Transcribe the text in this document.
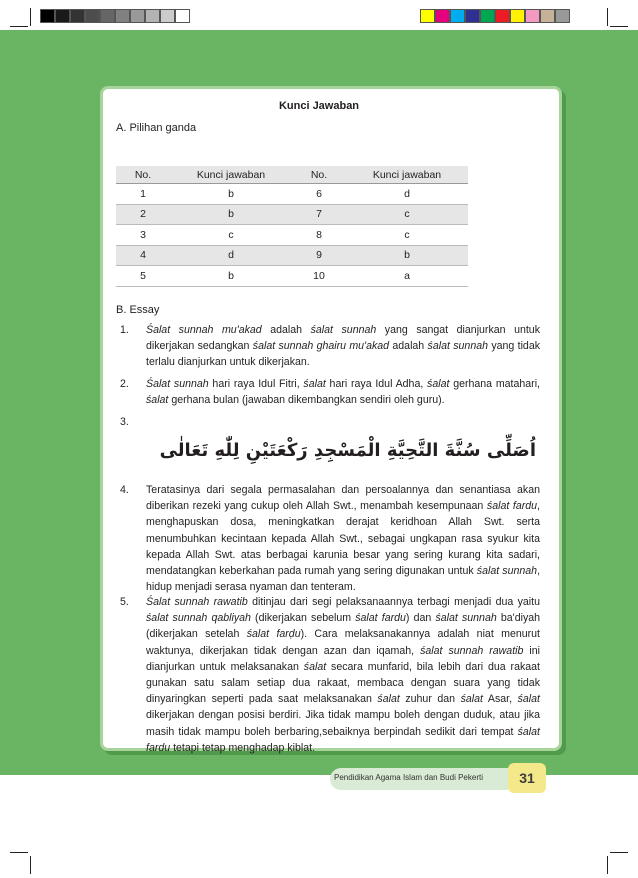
Kunci Jawaban
A. Pilihan ganda
No.	Kunci jawaban	No.	Kunci jawaban
1	b	6	d
2	b	7	c
3	c	8	c
4	d	9	b
5	b	10	a
B. Essay
1. Śalat sunnah mu'akad adalah śalat sunnah yang sangat dianjurkan untuk dikerjakan sedangkan śalat sunnah ghairu mu'akad adalah śalat sunnah yang tidak terlalu dianjurkan untuk dikerjakan.
2. Śalat sunnah hari raya Idul Fitri, śalat hari raya Idul Adha, śalat gerhana matahari, śalat gerhana bulan (jawaban dikembangkan sendiri oleh guru).
3.
اُصَلِّى سُنَّةَ التَّحِيَّةِ الْمَسْجِدِ رَكْعَتَيْنِ لِلّٰهِ تَعَالٰى
4. Teratasinya dari segala permasalahan dan persoalannya dan senantiasa akan diberikan rezeki yang cukup oleh Allah Swt., menambah kesempunaan śalat fardu, menghapuskan dosa, meningkatkan derajat keridhoan Allah Swt. serta menumbuhkan kecintaan kepada Allah Swt., sebagai ungkapan rasa syukur kita kepada Allah Swt. atas berbagai karunia besar yang sering kurang kita sadari, mendatangkan keberkahan pada rumah yang sering digunakan untuk śalat sunnah, hidup menjadi serasa nyaman dan tenteram.
5. Śalat sunnah rawatib ditinjau dari segi pelaksanaannya terbagi menjadi dua yaitu śalat sunnah qabliyah (dikerjakan sebelum śalat fardu) dan śalat sunnah ba'diyah (dikerjakan setelah śalat farḍu). Cara melaksanakannya adalah niat menurut waktunya, dikerjakan tidak dengan azan dan iqamah, śalat sunnah rawatib ini dianjurkan untuk melaksanakan śalat secara munfarid, bila lebih dari dua rakaat gunakan satu salam setiap dua rakaat, membaca dengan suara yang tidak dinyaringkan seperti pada saat melaksanakan śalat zuhur dan śalat Asar, śalat dikerjakan dengan posisi berdiri. Jika tidak mampu boleh dengan duduk, atau jika masih tidak mampu boleh berbaring,sebaiknya berpindah sedikit dari tempat śalat fardu tetapi tetap menghadap kiblat.
Pendidikan Agama Islam dan Budi Pekerti	31
